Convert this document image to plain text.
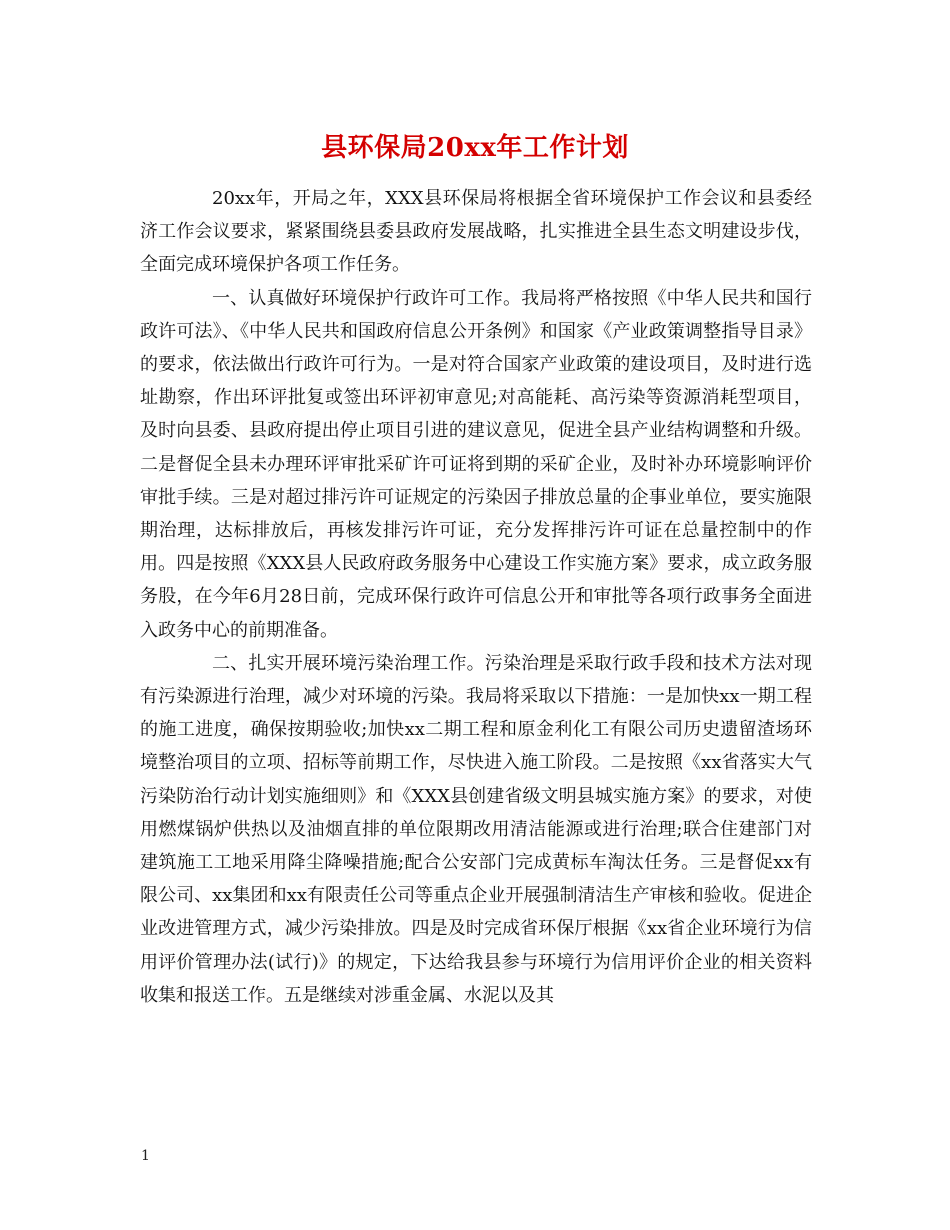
县环保局20xx年工作计划

20xx年，开局之年，XXX县环保局将根据全省环境保护工作会议和县委经济工作会议要求，紧紧围绕县委县政府发展战略，扎实推进全县生态文明建设步伐，全面完成环境保护各项工作任务。

一、认真做好环境保护行政许可工作。我局将严格按照《中华人民共和国行政许可法》、《中华人民共和国政府信息公开条例》和国家《产业政策调整指导目录》的要求，依法做出行政许可行为。一是对符合国家产业政策的建设项目，及时进行选址勘察，作出环评批复或签出环评初审意见;对高能耗、高污染等资源消耗型项目，及时向县委、县政府提出停止项目引进的建议意见，促进全县产业结构调整和升级。二是督促全县未办理环评审批采矿许可证将到期的采矿企业，及时补办环境影响评价审批手续。三是对超过排污许可证规定的污染因子排放总量的企事业单位，要实施限期治理，达标排放后，再核发排污许可证，充分发挥排污许可证在总量控制中的作用。四是按照《XXX县人民政府政务服务中心建设工作实施方案》要求，成立政务服务股，在今年6月28日前，完成环保行政许可信息公开和审批等各项行政事务全面进入政务中心的前期准备。

二、扎实开展环境污染治理工作。污染治理是采取行政手段和技术方法对现有污染源进行治理，减少对环境的污染。我局将采取以下措施：一是加快xx一期工程的施工进度，确保按期验收;加快xx二期工程和原金利化工有限公司历史遗留渣场环境整治项目的立项、招标等前期工作，尽快进入施工阶段。二是按照《xx省落实大气污染防治行动计划实施细则》和《XXX县创建省级文明县城实施方案》的要求，对使用燃煤锅炉供热以及油烟直排的单位限期改用清洁能源或进行治理;联合住建部门对建筑施工工地采用降尘降噪措施;配合公安部门完成黄标车淘汰任务。三是督促xx有限公司、xx集团和xx有限责任公司等重点企业开展强制清洁生产审核和验收。促进企业改进管理方式，减少污染排放。四是及时完成省环保厅根据《xx省企业环境行为信用评价管理办法(试行)》的规定，下达给我县参与环境行为信用评价企业的相关资料收集和报送工作。五是继续对涉重金属、水泥以及其

1
